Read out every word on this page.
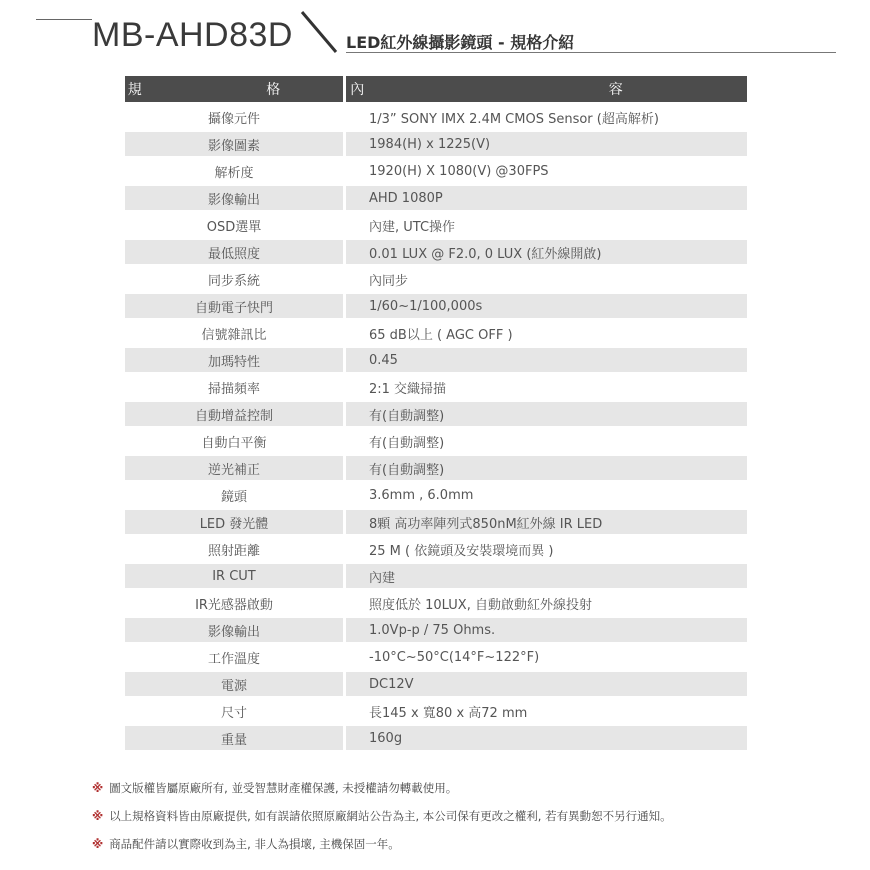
MB-AHD83D	LED紅外線攝影鏡頭 - 規格介紹
規 格	內 容
攝像元件	1/3” SONY IMX 2.4M CMOS Sensor (超高解析)
影像圖素	1984(H) x 1225(V)
解析度	1920(H) X 1080(V) @30FPS
影像輸出	AHD 1080P
OSD選單	內建, UTC操作
最低照度	0.01 LUX @ F2.0, 0 LUX (紅外線開啟)
同步系統	內同步
自動電子快門	1/60~1/100,000s
信號雜訊比	65 dB以上 ( AGC OFF )
加瑪特性	0.45
掃描頻率	2:1 交織掃描
自動增益控制	有(自動調整)
自動白平衡	有(自動調整)
逆光補正	有(自動調整)
鏡頭	3.6mm , 6.0mm
LED 發光體	8顆 高功率陣列式850nM紅外線 IR LED
照射距離	25 M ( 依鏡頭及安裝環境而異 )
IR CUT	內建
IR光感器啟動	照度低於 10LUX, 自動啟動紅外線投射
影像輸出	1.0Vp-p / 75 Ohms.
工作溫度	-10°C~50°C(14°F~122°F)
電源	DC12V
尺寸	長145 x 寬80 x 高72 mm
重量	160g
※ 圖文版權皆屬原廠所有, 並受智慧財產權保護, 未授權請勿轉載使用。
※ 以上規格資料皆由原廠提供, 如有誤請依照原廠網站公告為主, 本公司保有更改之權利, 若有異動恕不另行通知。
※ 商品配件請以實際收到為主, 非人為損壞, 主機保固一年。
